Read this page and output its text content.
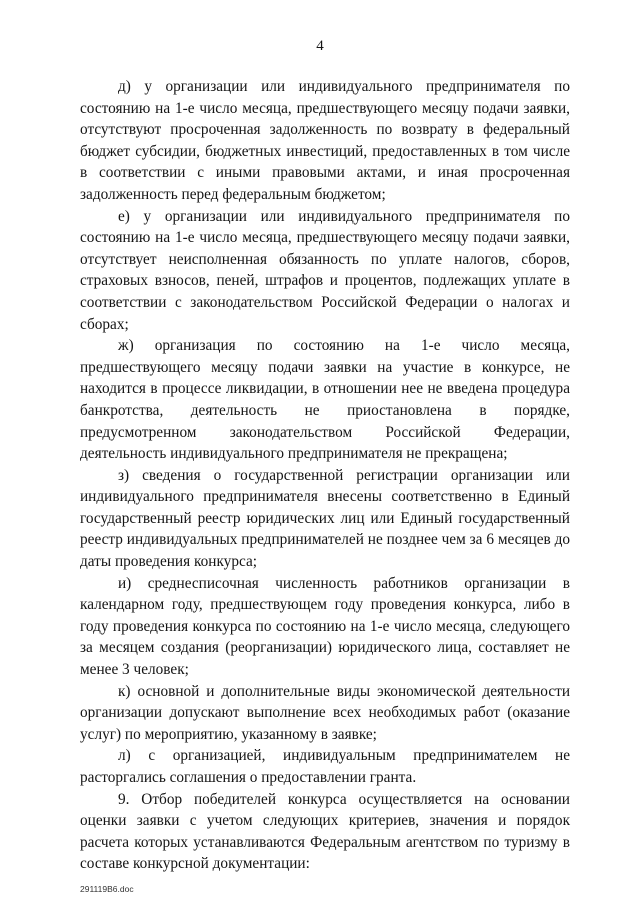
4

д) у организации или индивидуального предпринимателя по состоянию на 1-е число месяца, предшествующего месяцу подачи заявки, отсутствуют просроченная задолженность по возврату в федеральный бюджет субсидии, бюджетных инвестиций, предоставленных в том числе в соответствии с иными правовыми актами, и иная просроченная задолженность перед федеральным бюджетом;

е) у организации или индивидуального предпринимателя по состоянию на 1-е число месяца, предшествующего месяцу подачи заявки, отсутствует неисполненная обязанность по уплате налогов, сборов, страховых взносов, пеней, штрафов и процентов, подлежащих уплате в соответствии с законодательством Российской Федерации о налогах и сборах;

ж) организация по состоянию на 1-е число месяца, предшествующего месяцу подачи заявки на участие в конкурсе, не находится в процессе ликвидации, в отношении нее не введена процедура банкротства, деятельность не приостановлена в порядке, предусмотренном законодательством Российской Федерации, деятельность индивидуального предпринимателя не прекращена;

з) сведения о государственной регистрации организации или индивидуального предпринимателя внесены соответственно в Единый государственный реестр юридических лиц или Единый государственный реестр индивидуальных предпринимателей не позднее чем за 6 месяцев до даты проведения конкурса;

и) среднесписочная численность работников организации в календарном году, предшествующем году проведения конкурса, либо в году проведения конкурса по состоянию на 1-е число месяца, следующего за месяцем создания (реорганизации) юридического лица, составляет не менее 3 человек;

к) основной и дополнительные виды экономической деятельности организации допускают выполнение всех необходимых работ (оказание услуг) по мероприятию, указанному в заявке;

л) с организацией, индивидуальным предпринимателем не расторгались соглашения о предоставлении гранта.

9. Отбор победителей конкурса осуществляется на основании оценки заявки с учетом следующих критериев, значения и порядок расчета которых устанавливаются Федеральным агентством по туризму в составе конкурсной документации:

291119В6.doc
